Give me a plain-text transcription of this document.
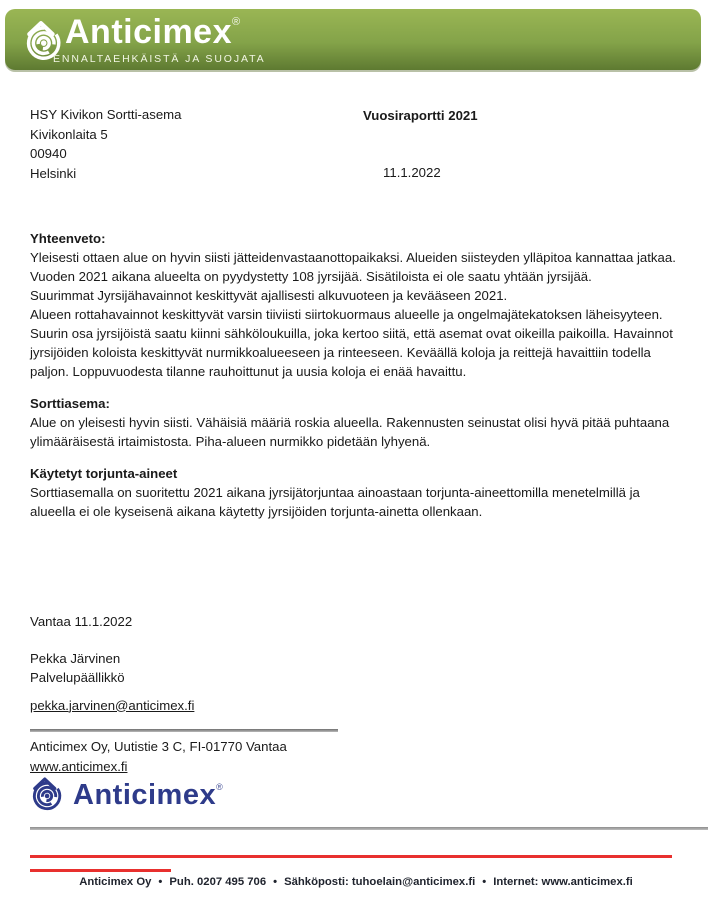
Anticimex®
ENNALTAEHKÄISTÄ JA SUOJATA
HSY Kivikon Sortti-asema
Kivikonlaita 5
00940
Helsinki
Vuosiraportti 2021
11.1.2022
Yhteenveto:

Yleisesti ottaen alue on hyvin siisti jätteidenvastaanottopaikaksi. Alueiden siisteyden ylläpitoa kannattaa jatkaa.

Vuoden 2021 aikana alueelta on pyydystetty 108 jyrsijää. Sisätiloista ei ole saatu yhtään jyrsijää.

Suurimmat Jyrsijähavainnot keskittyvät ajallisesti alkuvuoteen ja kevääseen 2021.

Alueen rottahavainnot keskittyvät varsin tiiviisti siirtokuormaus alueelle ja ongelmajätekatoksen läheisyyteen. Suurin osa jyrsijöistä saatu kiinni sähköloukuilla, joka kertoo siitä, että asemat ovat oikeilla paikoilla. Havainnot jyrsijöiden koloista keskittyvät nurmikkoalueeseen ja rinteeseen. Keväällä koloja ja reittejä havaittiin todella paljon. Loppuvuodesta tilanne rauhoittunut ja uusia koloja ei enää havaittu.

Sorttiasema:

Alue on yleisesti hyvin siisti. Vähäisiä määriä roskia alueella. Rakennusten seinustat olisi hyvä pitää puhtaana ylimääräisestä irtaimistosta. Piha-alueen nurmikko pidetään lyhyenä.

Käytetyt torjunta-aineet

Sorttiasemalla on suoritettu 2021 aikana jyrsijätorjuntaa ainoastaan torjunta-aineettomilla menetelmillä ja alueella ei ole kyseisenä aikana käytetty jyrsijöiden torjunta-ainetta ollenkaan.

Vantaa 11.1.2022

Pekka Järvinen

Palvelupäällikkö

pekka.jarvinen@anticimex.fi

Anticimex Oy, Uutistie 3 C, FI-01770 Vantaa
www.anticimex.fi
Anticimex®
Anticimex Oy • Puh. 0207 495 706 • Sähköposti: tuhoelain@anticimex.fi • Internet: www.anticimex.fi
